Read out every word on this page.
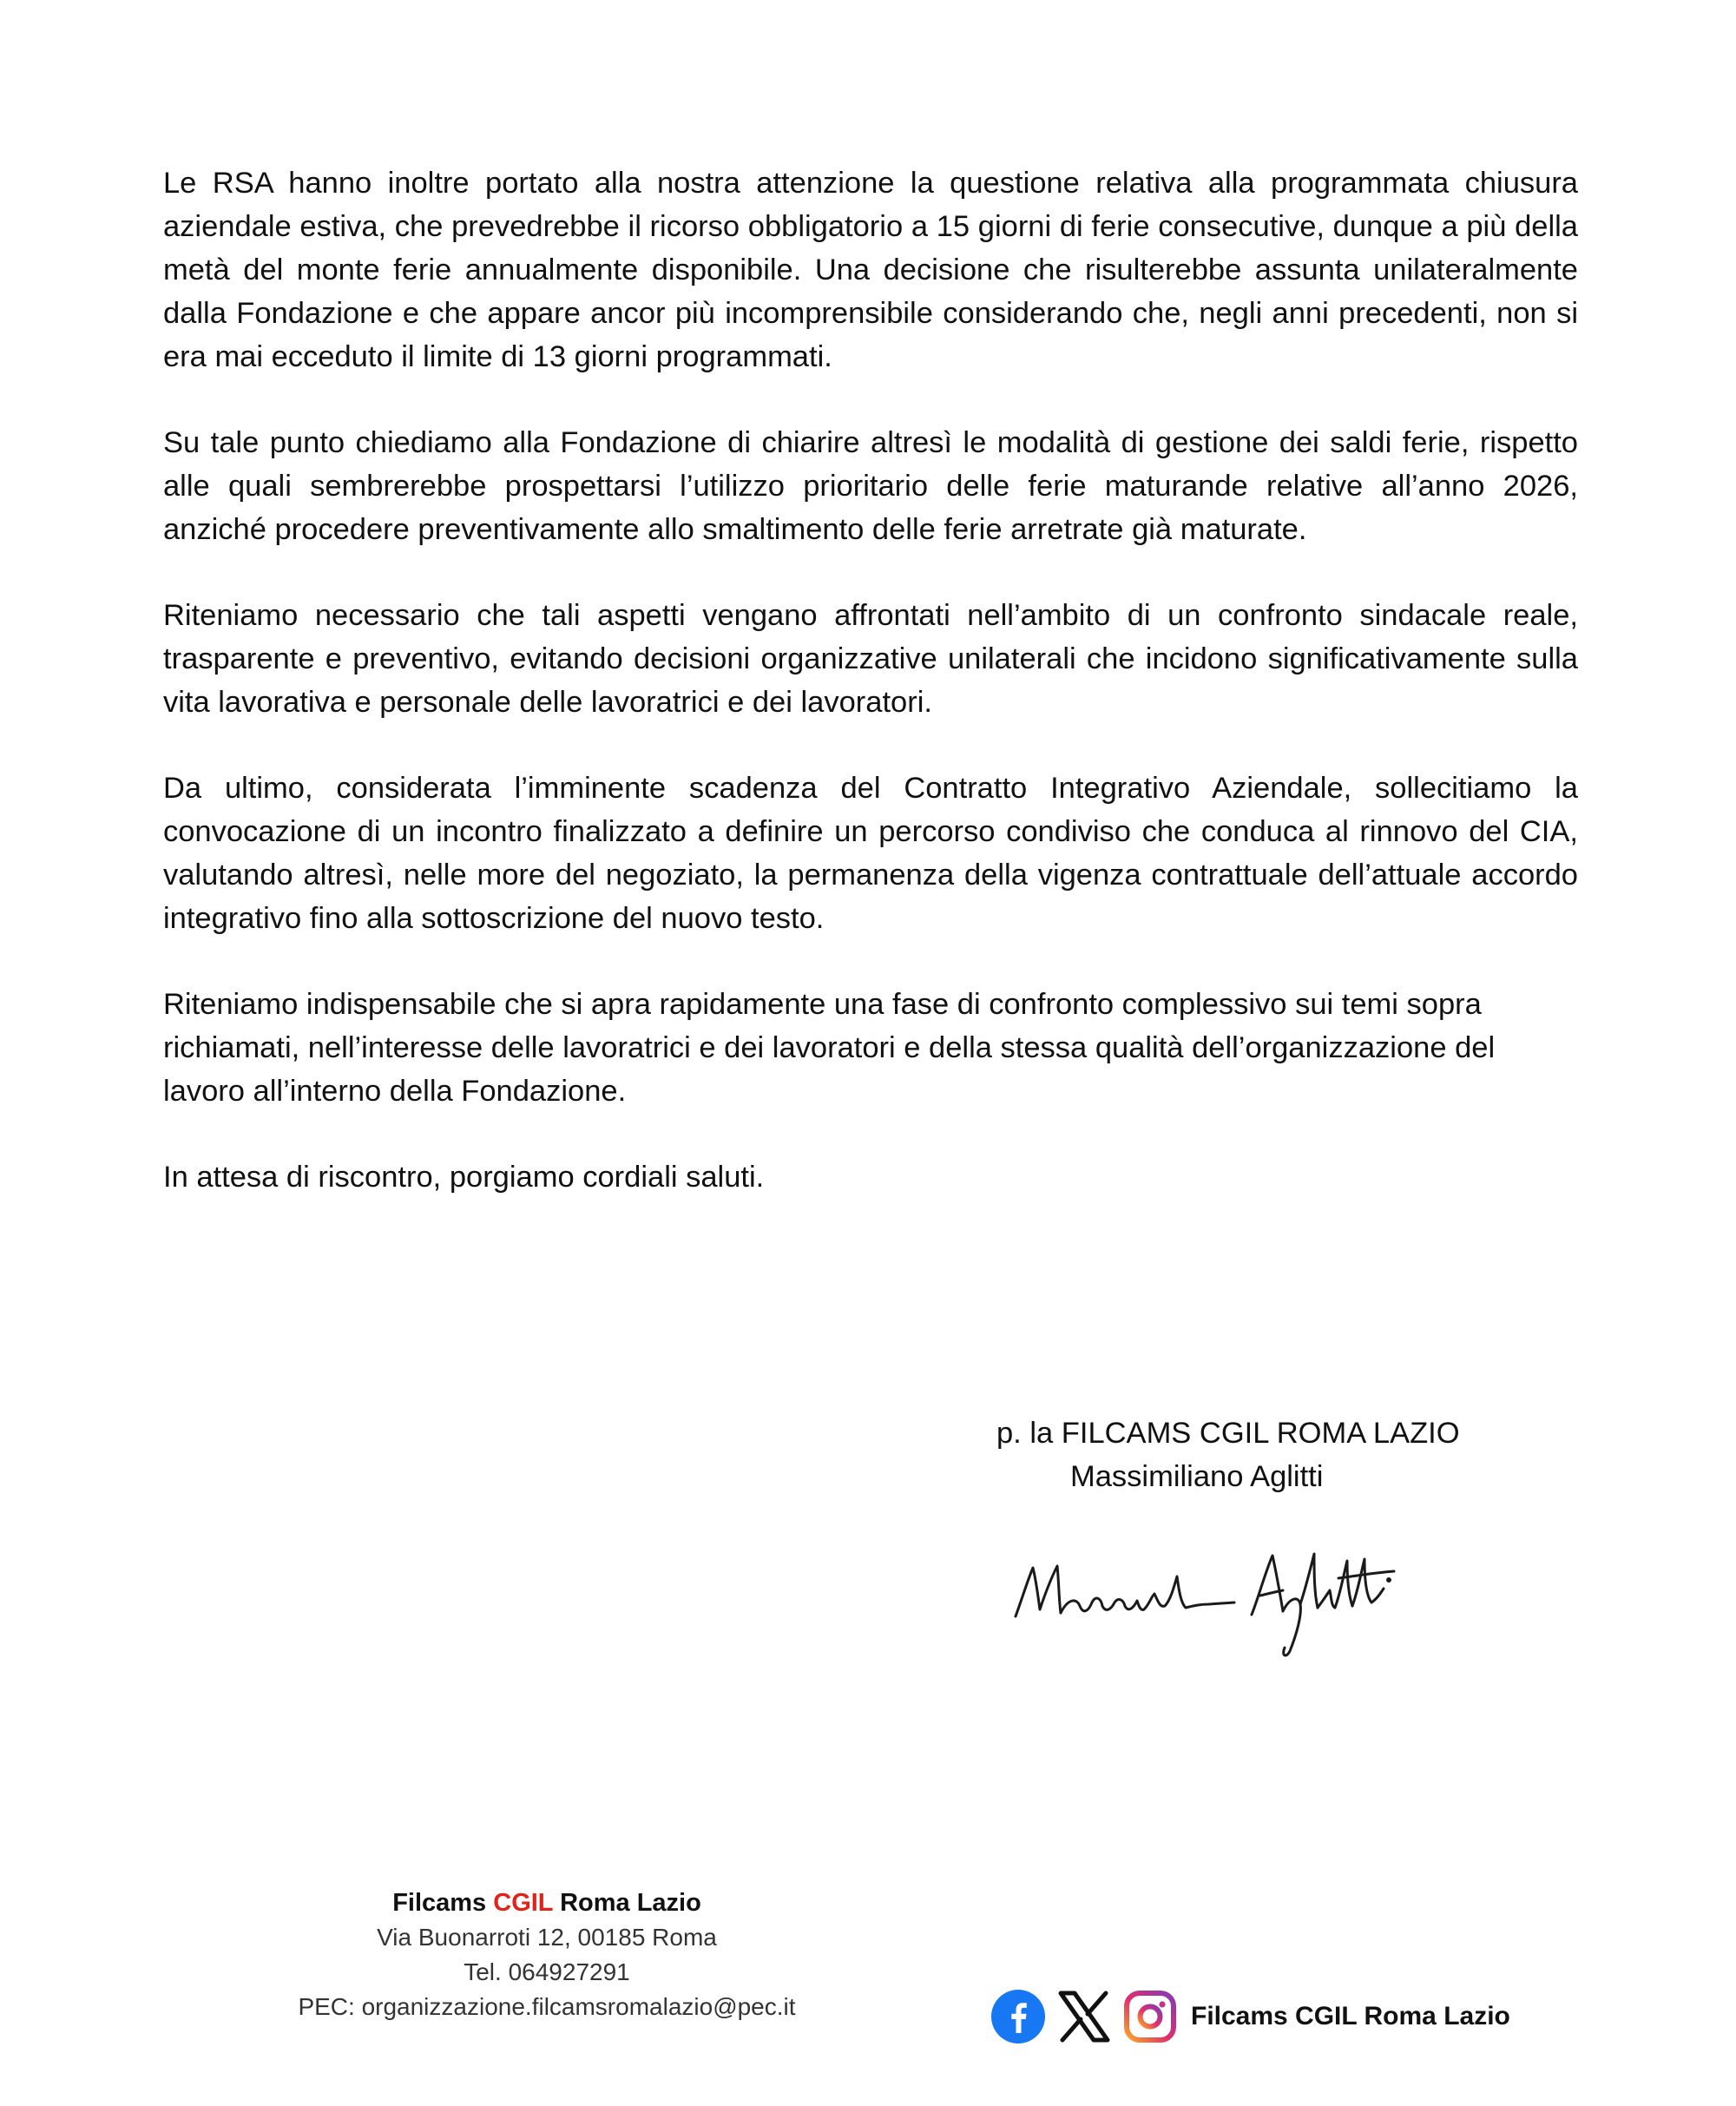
Le RSA hanno inoltre portato alla nostra attenzione la questione relativa alla programmata chiusura aziendale estiva, che prevedrebbe il ricorso obbligatorio a 15 giorni di ferie consecutive, dunque a più della metà del monte ferie annualmente disponibile. Una decisione che risulterebbe assunta unilateralmente dalla Fondazione e che appare ancor più incomprensibile considerando che, negli anni precedenti, non si era mai ecceduto il limite di 13 giorni programmati.

Su tale punto chiediamo alla Fondazione di chiarire altresì le modalità di gestione dei saldi ferie, rispetto alle quali sembrerebbe prospettarsi l’utilizzo prioritario delle ferie maturande relative all’anno 2026, anziché procedere preventivamente allo smaltimento delle ferie arretrate già maturate.

Riteniamo necessario che tali aspetti vengano affrontati nell’ambito di un confronto sindacale reale, trasparente e preventivo, evitando decisioni organizzative unilaterali che incidono significativamente sulla vita lavorativa e personale delle lavoratrici e dei lavoratori.

Da ultimo, considerata l’imminente scadenza del Contratto Integrativo Aziendale, sollecitiamo la convocazione di un incontro finalizzato a definire un percorso condiviso che conduca al rinnovo del CIA, valutando altresì, nelle more del negoziato, la permanenza della vigenza contrattuale dell’attuale accordo integrativo fino alla sottoscrizione del nuovo testo.

Riteniamo indispensabile che si apra rapidamente una fase di confronto complessivo sui temi sopra richiamati, nell’interesse delle lavoratrici e dei lavoratori e della stessa qualità dell’organizzazione del lavoro all’interno della Fondazione.

In attesa di riscontro, porgiamo cordiali saluti.

p. la FILCAMS CGIL ROMA LAZIO
Massimiliano Aglitti
Filcams CGIL Roma Lazio
Via Buonarroti 12, 00185 Roma
Tel. 064927291
PEC: organizzazione.filcamsromalazio@pec.it	Filcams CGIL Roma Lazio
